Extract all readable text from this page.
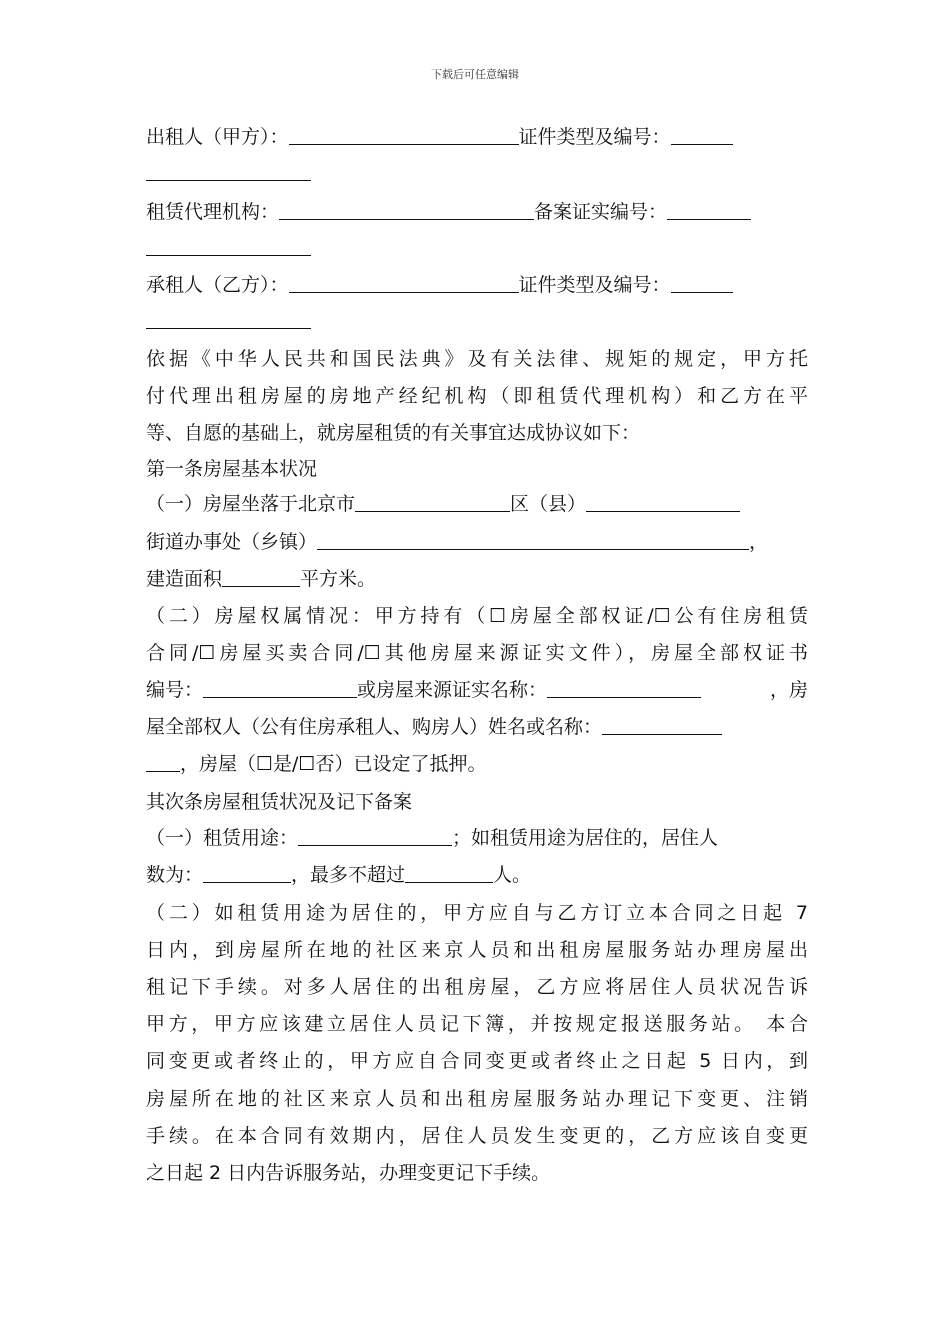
下载后可任意编辑
出租人（甲方）：	证件类型及编号：
租赁代理机构：	备案证实编号：
承租人（乙方）：	证件类型及编号：
依据《中华人民共和国民法典》及有关法律、规矩的规定，甲方托
付代理出租房屋的房地产经纪机构（即租赁代理机构）和乙方在平
等、自愿的基础上，就房屋租赁的有关事宜达成协议如下：
第一条房屋基本状况
（一）房屋坐落于北京市	区（县）
街道办事处（乡镇）	，
建造面积	平方米。
（二）房屋权属情况：甲方持有（☐房屋全部权证/☐公有住房租赁
合同/☐房屋买卖合同/☐其他房屋来源证实文件），房屋全部权证书
编号：	或房屋来源证实名称：	，房
屋全部权人（公有住房承租人、购房人）姓名或名称：
，房屋（☐是/☐否）已设定了抵押。
其次条房屋租赁状况及记下备案
（一）租赁用途：	；如租赁用途为居住的，居住人
数为：	，最多不超过	人。
（二）如租赁用途为居住的，甲方应自与乙方订立本合同之日起 7
日内，到房屋所在地的社区来京人员和出租房屋服务站办理房屋出
租记下手续。对多人居住的出租房屋，乙方应将居住人员状况告诉
甲方，甲方应该建立居住人员记下簿，并按规定报送服务站。 本合
同变更或者终止的，甲方应自合同变更或者终止之日起 5 日内，到
房屋所在地的社区来京人员和出租房屋服务站办理记下变更、注销
手续。在本合同有效期内，居住人员发生变更的，乙方应该自变更
之日起 2 日内告诉服务站，办理变更记下手续。
